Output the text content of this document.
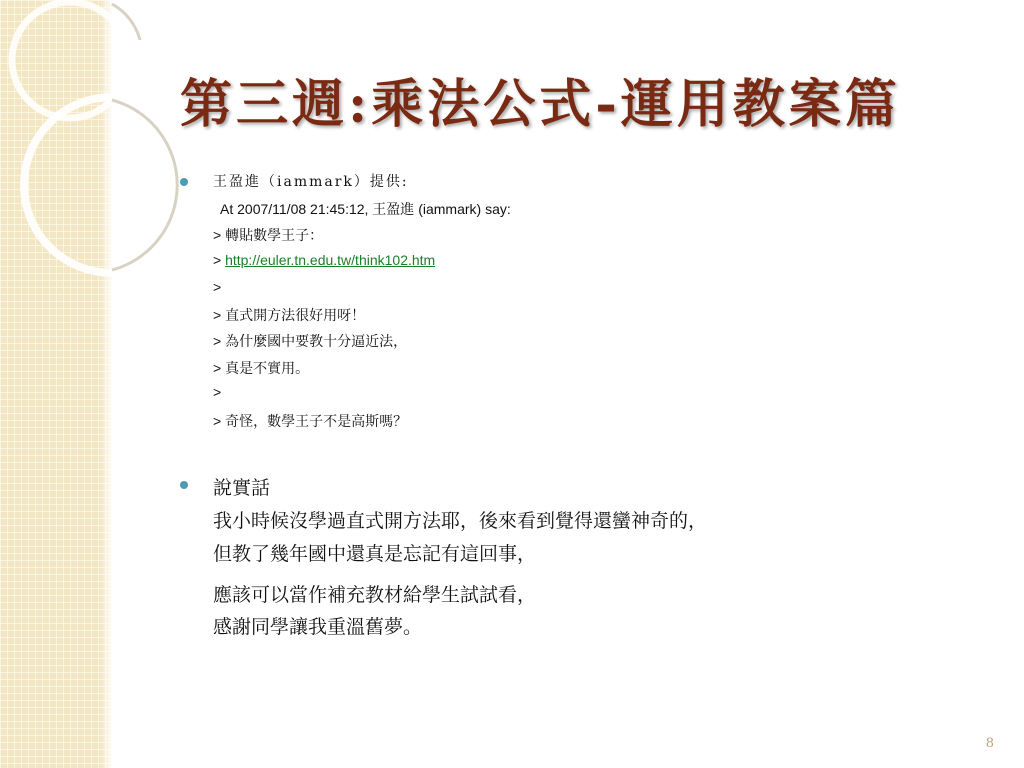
第三週:乘法公式-運用教案篇
王盈進（iammark）提供:
At 2007/11/08 21:45:12, 王盈進 (iammark) say:
> 轉貼數學王子：
> http://euler.tn.edu.tw/think102.htm
>
> 直式開方法很好用呀！
> 為什麼國中要教十分逼近法，
> 真是不實用。
>
> 奇怪，數學王子不是高斯嗎？
說實話
我小時候沒學過直式開方法耶，後來看到覺得還蠻神奇的，
但教了幾年國中還真是忘記有這回事，
應該可以當作補充教材給學生試試看，
感謝同學讓我重溫舊夢。
8
